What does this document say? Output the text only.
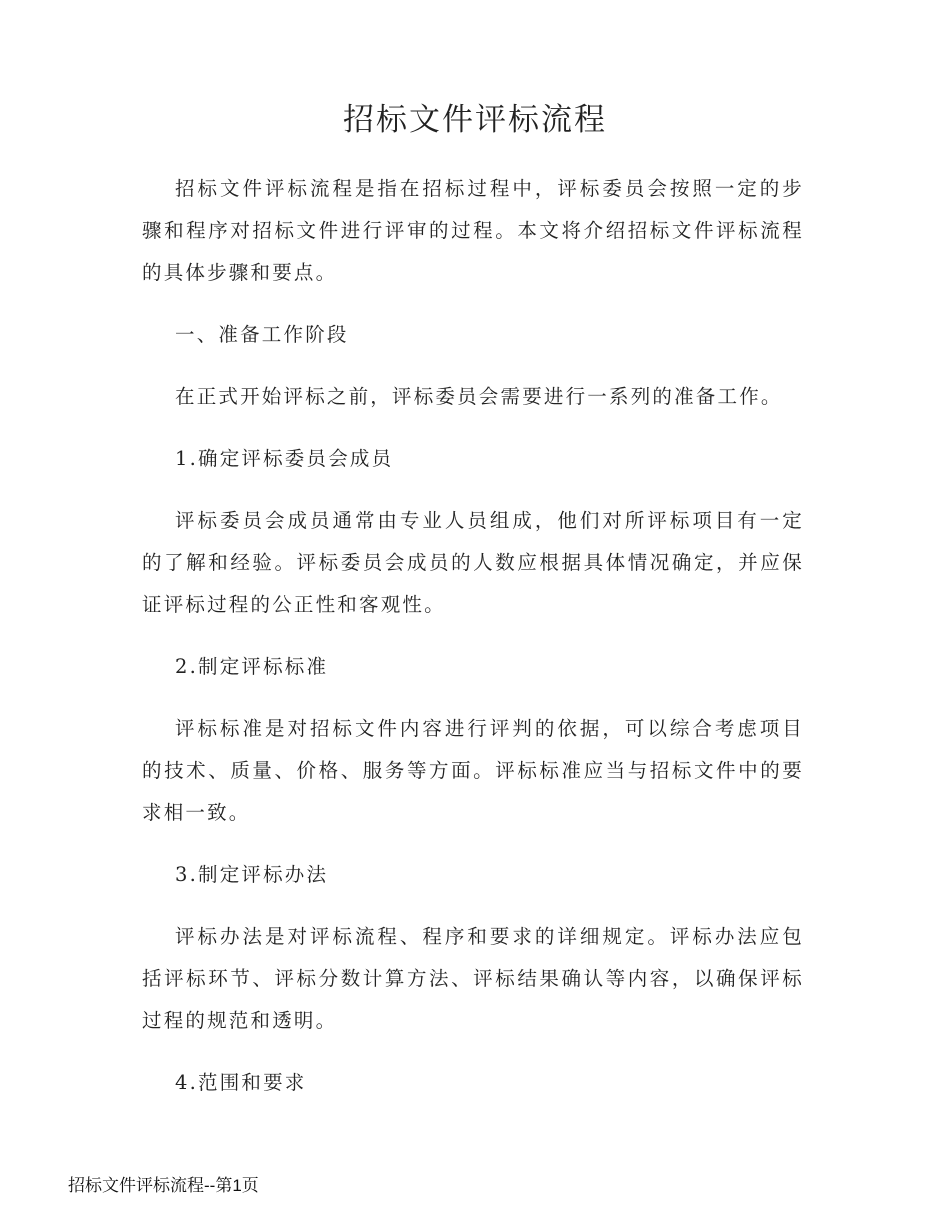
招标文件评标流程

招标文件评标流程是指在招标过程中，评标委员会按照一定的步骤和程序对招标文件进行评审的过程。本文将介绍招标文件评标流程的具体步骤和要点。

一、准备工作阶段

在正式开始评标之前，评标委员会需要进行一系列的准备工作。

1.确定评标委员会成员

评标委员会成员通常由专业人员组成，他们对所评标项目有一定的了解和经验。评标委员会成员的人数应根据具体情况确定，并应保证评标过程的公正性和客观性。

2.制定评标标准

评标标准是对招标文件内容进行评判的依据，可以综合考虑项目的技术、质量、价格、服务等方面。评标标准应当与招标文件中的要求相一致。

3.制定评标办法

评标办法是对评标流程、程序和要求的详细规定。评标办法应包括评标环节、评标分数计算方法、评标结果确认等内容，以确保评标过程的规范和透明。

4.范围和要求

招标文件评标流程--第1页
